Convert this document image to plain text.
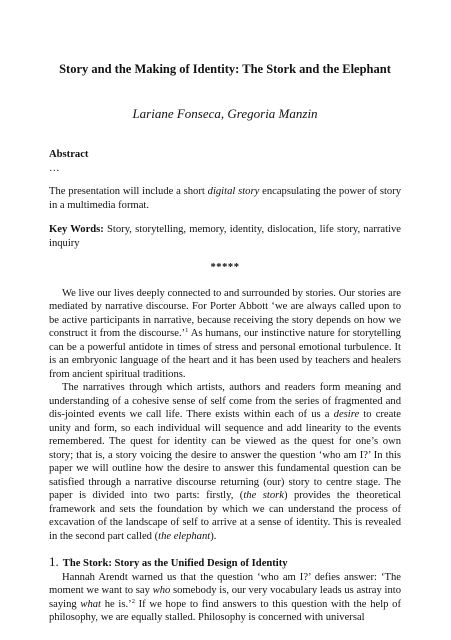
Story and the Making of Identity: The Stork and the Elephant
Lariane Fonseca, Gregoria Manzin
Abstract
…

The presentation will include a short digital story encapsulating the power of story in a multimedia format.

Key Words: Story, storytelling, memory, identity, dislocation, life story, narrative inquiry

*****

We live our lives deeply connected to and surrounded by stories. Our stories are mediated by narrative discourse. For Porter Abbott ‘we are always called upon to be active participants in narrative, because receiving the story depends on how we construct it from the discourse.’$^1$ As humans, our instinctive nature for storytelling can be a powerful antidote in times of stress and personal emotional turbulence. It is an embryonic language of the heart and it has been used by teachers and healers from ancient spiritual traditions.

The narratives through which artists, authors and readers form meaning and understanding of a cohesive sense of self come from the series of fragmented and dis-jointed events we call life. There exists within each of us a desire to create unity and form, so each individual will sequence and add linearity to the events remembered. The quest for identity can be viewed as the quest for one’s own story; that is, a story voicing the desire to answer the question ‘who am I?’ In this paper we will outline how the desire to answer this fundamental question can be satisfied through a narrative discourse returning (our) story to centre stage. The paper is divided into two parts: firstly, (the stork) provides the theoretical framework and sets the foundation by which we can understand the process of excavation of the landscape of self to arrive at a sense of identity. This is revealed in the second part called (the elephant).

1. The Stork: Story as the Unified Design of Identity

Hannah Arendt warned us that the question ‘who am I?’ defies answer: ‘The moment we want to say who somebody is, our very vocabulary leads us astray into saying what he is.’$^2$ If we hope to find answers to this question with the help of philosophy, we are equally stalled. Philosophy is concerned with universal
